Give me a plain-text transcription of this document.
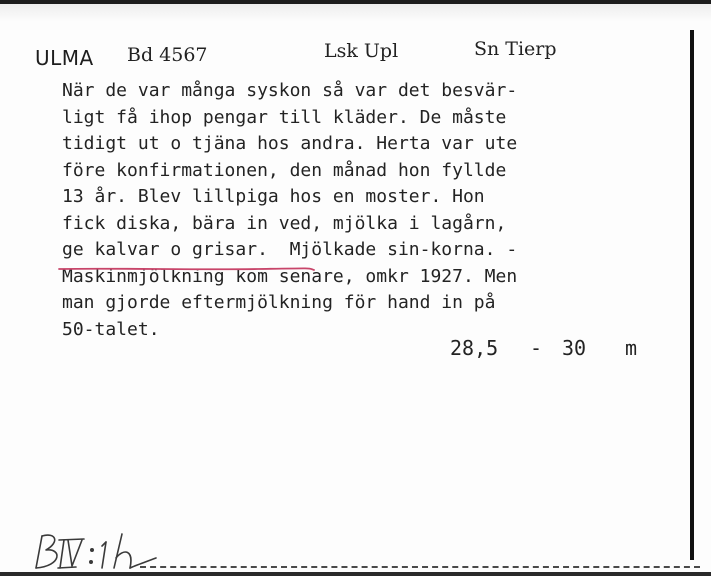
ULMA Bd 4567	Lsk Upl	Sn Tierp
När de var många syskon så var det besvär-
ligt få ihop pengar till kläder. De måste
tidigt ut o tjäna hos andra. Herta var ute
före konfirmationen, den månad hon fyllde
13 år. Blev lillpiga hos en moster. Hon
fick diska, bära in ved, mjölka i lagårn,
ge kalvar o grisar.  Mjölkade sin-korna. -
Maskinmjölkning kom senare, omkr 1927. Men
man gjorde eftermjölkning för hand in på
50-talet.
28,5 - 30 m
